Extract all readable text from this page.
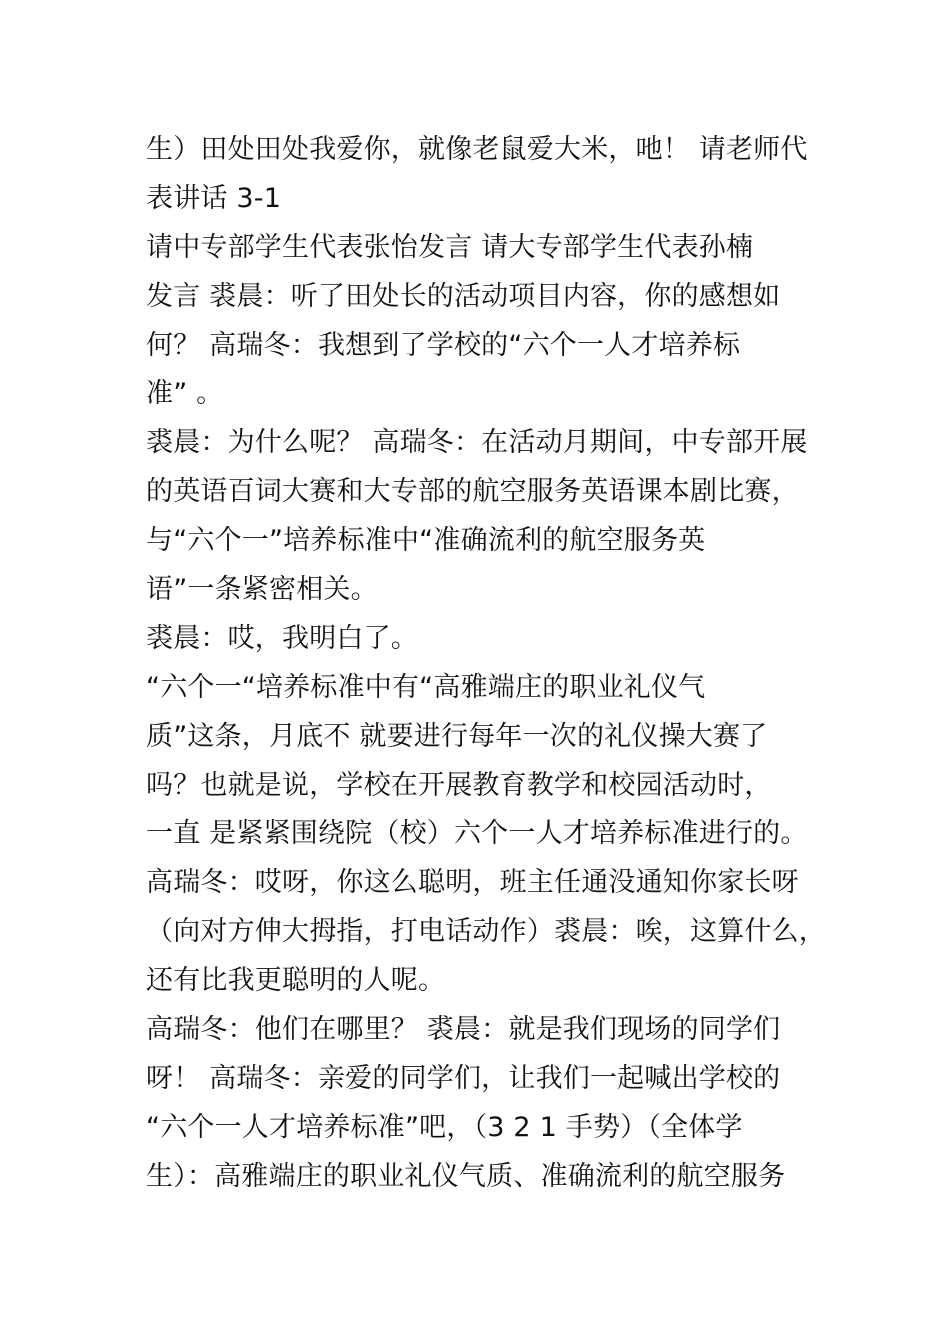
生）田处田处我爱你，就像老鼠爱大米，吔！ 请老师代
表讲话 3-1
请中专部学生代表张怡发言 请大专部学生代表孙楠
发言 裘晨：听了田处长的活动项目内容，你的感想如
何？ 高瑞冬：我想到了学校的“六个一人才培养标
准” 。
裘晨：为什么呢？ 高瑞冬：在活动月期间，中专部开展
的英语百词大赛和大专部的航空服务英语课本剧比赛，
与“六个一”培养标准中“准确流利的航空服务英
语”一条紧密相关。
裘晨：哎，我明白了。
“六个一“培养标准中有“高雅端庄的职业礼仪气
质”这条，月底不 就要进行每年一次的礼仪操大赛了
吗？也就是说，学校在开展教育教学和校园活动时，
一直 是紧紧围绕院（校）六个一人才培养标准进行的。
高瑞冬：哎呀，你这么聪明，班主任通没通知你家长呀
（向对方伸大拇指，打电话动作）裘晨：唉，这算什么，
还有比我更聪明的人呢。
高瑞冬：他们在哪里？ 裘晨：就是我们现场的同学们
呀！ 高瑞冬：亲爱的同学们，让我们一起喊出学校的
“六个一人才培养标准”吧，（3 2 1 手势）（全体学
生）：高雅端庄的职业礼仪气质、准确流利的航空服务
